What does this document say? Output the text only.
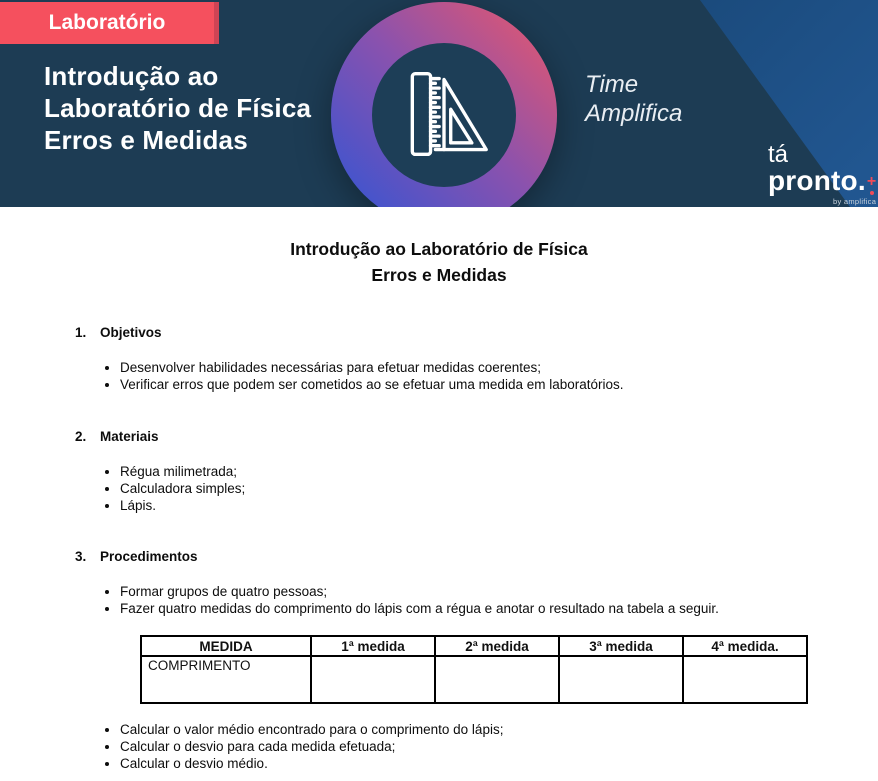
Laboratório
Introdução ao
Laboratório de Física
Erros e Medidas
Time
Amplifica
tá
pronto. +
by amplifica
Introdução ao Laboratório de Física
Erros e Medidas
1.	Objetivos
• Desenvolver habilidades necessárias para efetuar medidas coerentes;
• Verificar erros que podem ser cometidos ao se efetuar uma medida em laboratórios.
2.	Materiais
• Régua milimetrada;
• Calculadora simples;
• Lápis.
3.	Procedimentos
• Formar grupos de quatro pessoas;
• Fazer quatro medidas do comprimento do lápis com a régua e anotar o resultado na tabela a seguir.
MEDIDA	1ª medida	2ª medida	3ª medida	4ª medida.
COMPRIMENTO				
• Calcular o valor médio encontrado para o comprimento do lápis;
• Calcular o desvio para cada medida efetuada;
• Calcular o desvio médio.
